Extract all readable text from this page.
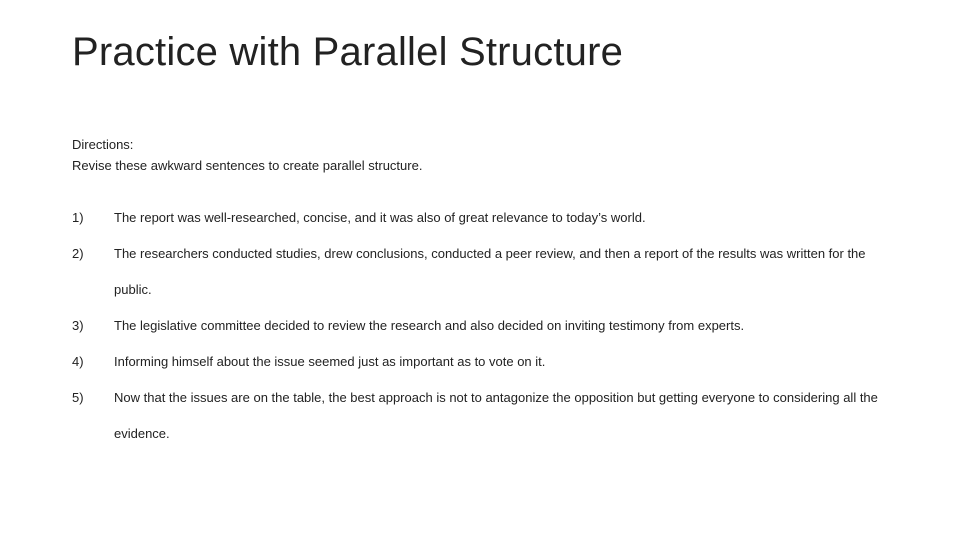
Practice with Parallel Structure
Directions:
Revise these awkward sentences to create parallel structure.
1)	The report was well-researched, concise, and it was also of great relevance to today’s world.
2)	The researchers conducted studies, drew conclusions, conducted a peer review, and then a report of the results was written for the public.
3)	The legislative committee decided to review the research and also decided on inviting testimony from experts.
4)	Informing himself about the issue seemed just as important as to vote on it.
5)	Now that the issues are on the table, the best approach is not to antagonize the opposition but getting everyone to considering all the evidence.
